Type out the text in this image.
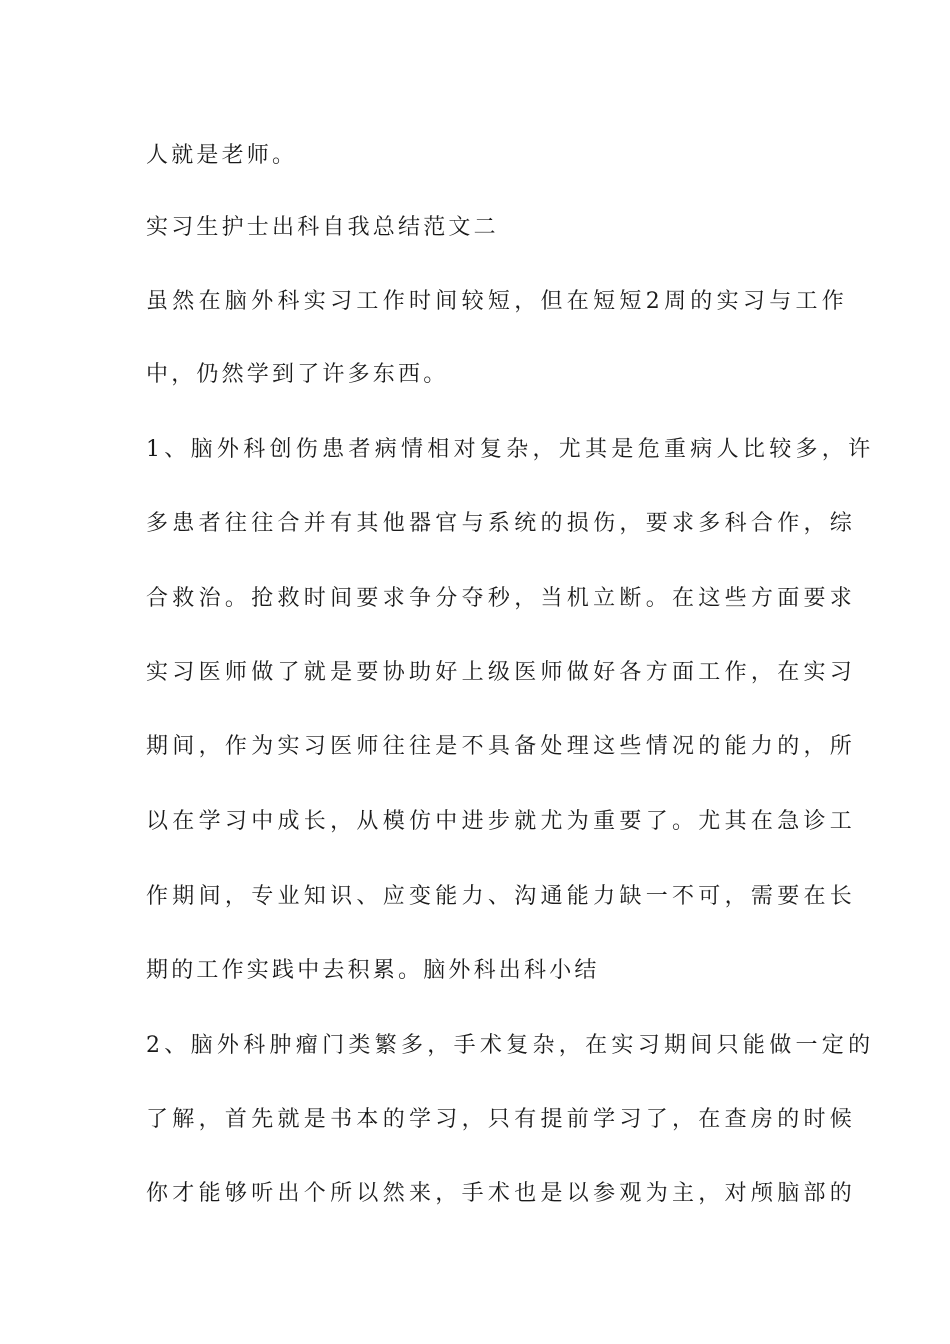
人就是老师。
实习生护士出科自我总结范文二
虽然在脑外科实习工作时间较短，但在短短2周的实习与工作
中，仍然学到了许多东西。
1、脑外科创伤患者病情相对复杂，尤其是危重病人比较多，许
多患者往往合并有其他器官与系统的损伤，要求多科合作，综
合救治。抢救时间要求争分夺秒，当机立断。在这些方面要求
实习医师做了就是要协助好上级医师做好各方面工作，在实习
期间，作为实习医师往往是不具备处理这些情况的能力的，所
以在学习中成长，从模仿中进步就尤为重要了。尤其在急诊工
作期间，专业知识、应变能力、沟通能力缺一不可，需要在长
期的工作实践中去积累。脑外科出科小结
2、脑外科肿瘤门类繁多，手术复杂，在实习期间只能做一定的
了解，首先就是书本的学习，只有提前学习了，在查房的时候
你才能够听出个所以然来，手术也是以参观为主，对颅脑部的
